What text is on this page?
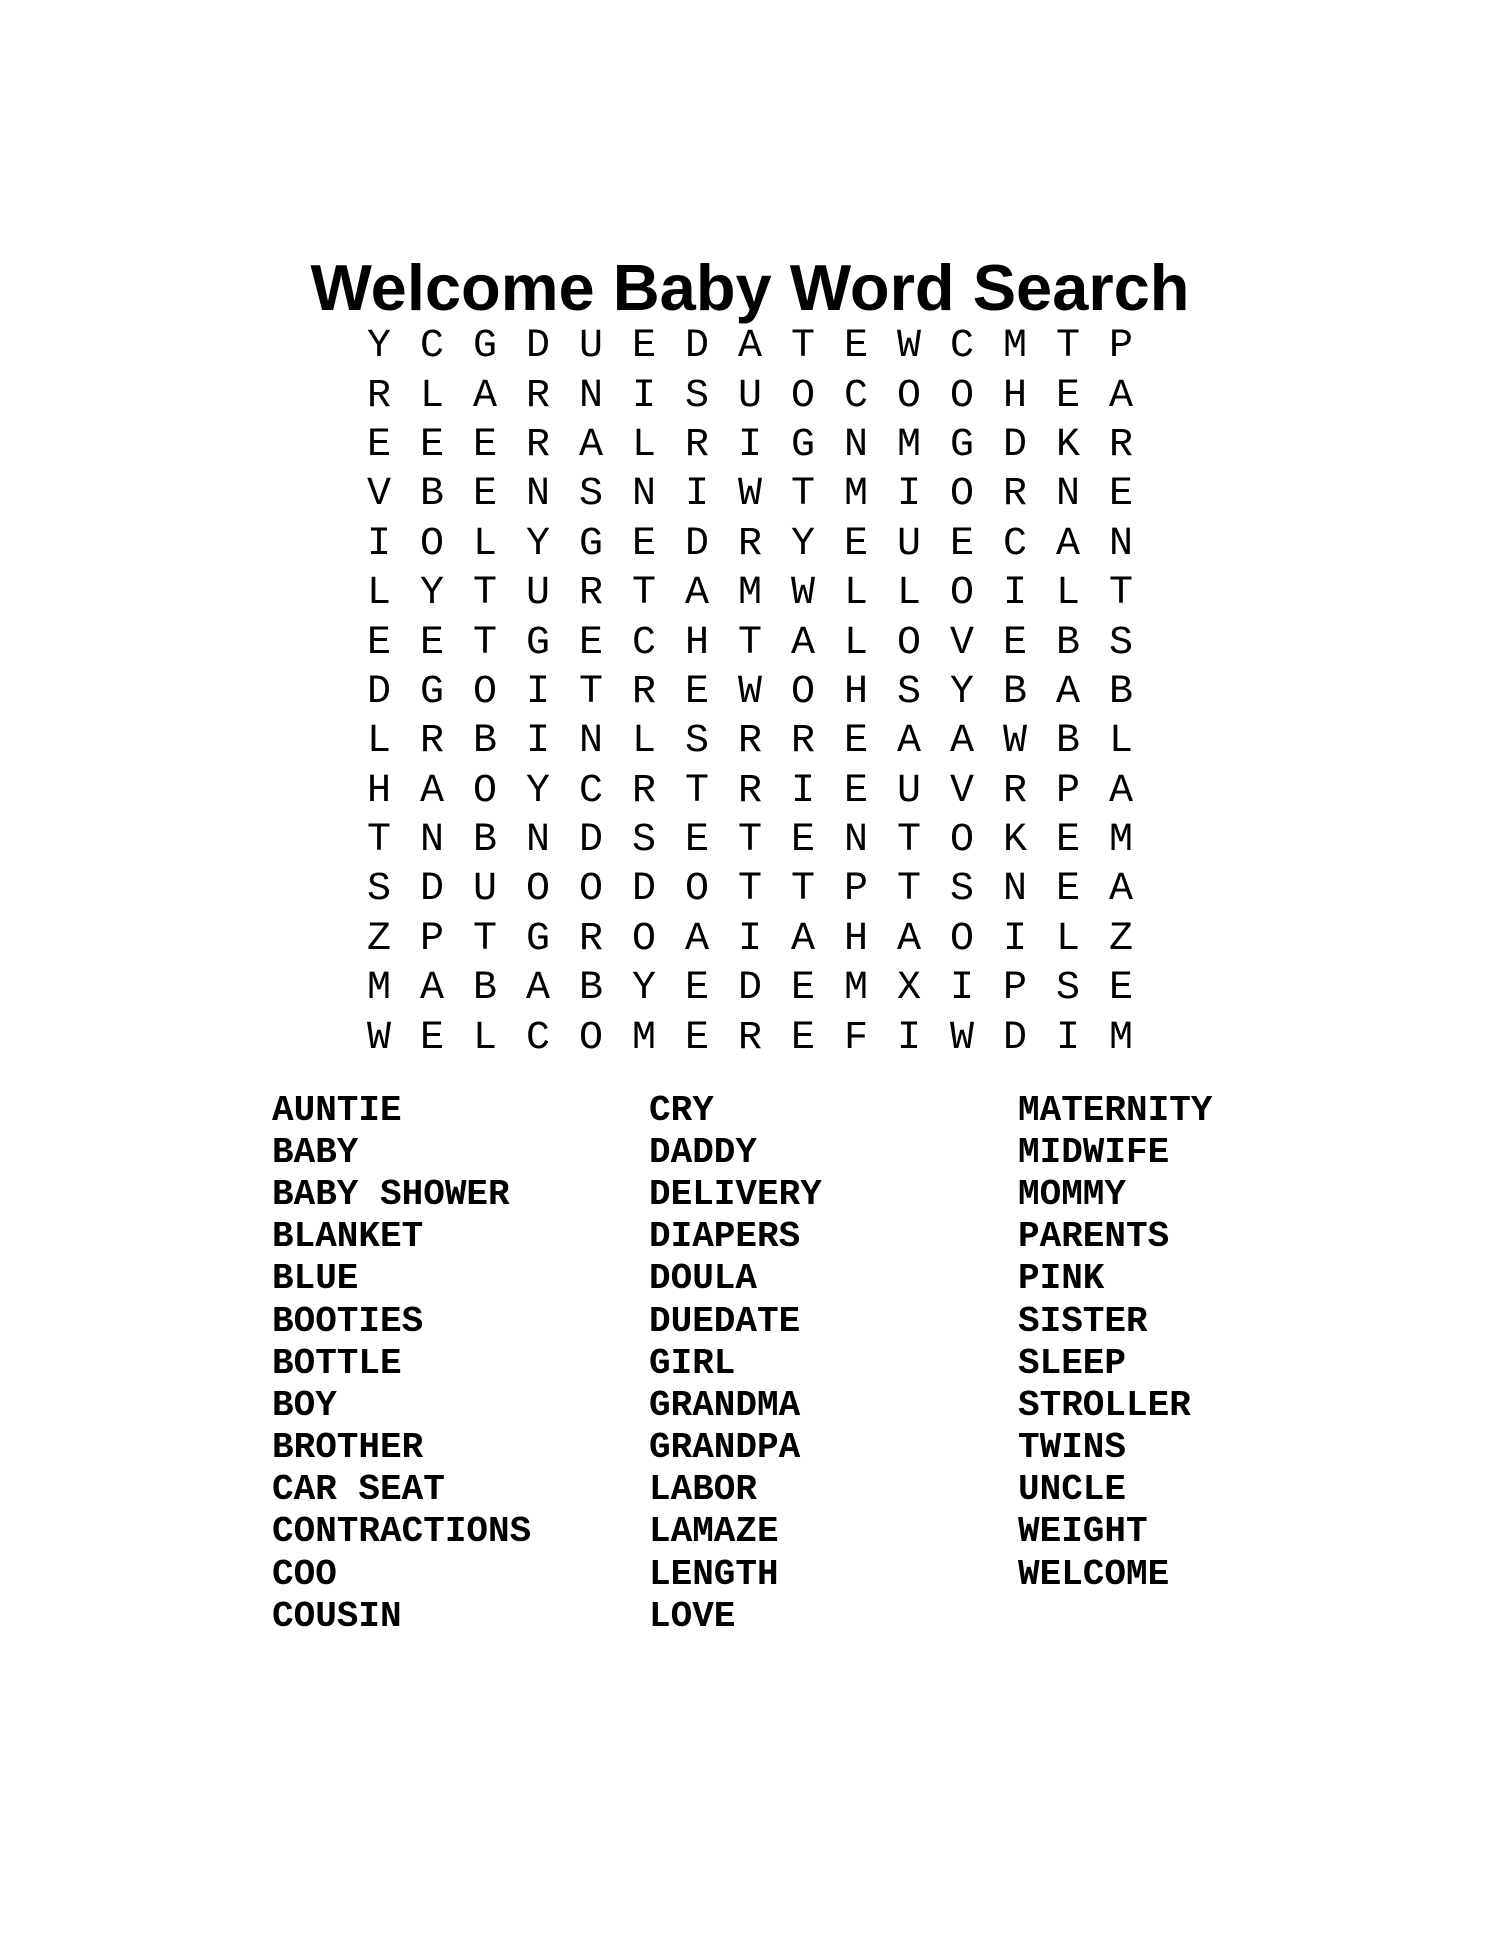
Welcome Baby Word Search
Y C G D U E D A T E W C M T P
R L A R N I S U O C O O H E A
E E E R A L R I G N M G D K R
V B E N S N I W T M I O R N E
I O L Y G E D R Y E U E C A N
L Y T U R T A M W L L O I L T
E E T G E C H T A L O V E B S
D G O I T R E W O H S Y B A B
L R B I N L S R R E A A W B L
H A O Y C R T R I E U V R P A
T N B N D S E T E N T O K E M
S D U O O D O T T P T S N E A
Z P T G R O A I A H A O I L Z
M A B A B Y E D E M X I P S E
W E L C O M E R E F I W D I M
AUNTIE
BABY
BABY SHOWER
BLANKET
BLUE
BOOTIES
BOTTLE
BOY
BROTHER
CAR SEAT
CONTRACTIONS
COO
COUSIN
CRY
DADDY
DELIVERY
DIAPERS
DOULA
DUEDATE
GIRL
GRANDMA
GRANDPA
LABOR
LAMAZE
LENGTH
LOVE
MATERNITY
MIDWIFE
MOMMY
PARENTS
PINK
SISTER
SLEEP
STROLLER
TWINS
UNCLE
WEIGHT
WELCOME
